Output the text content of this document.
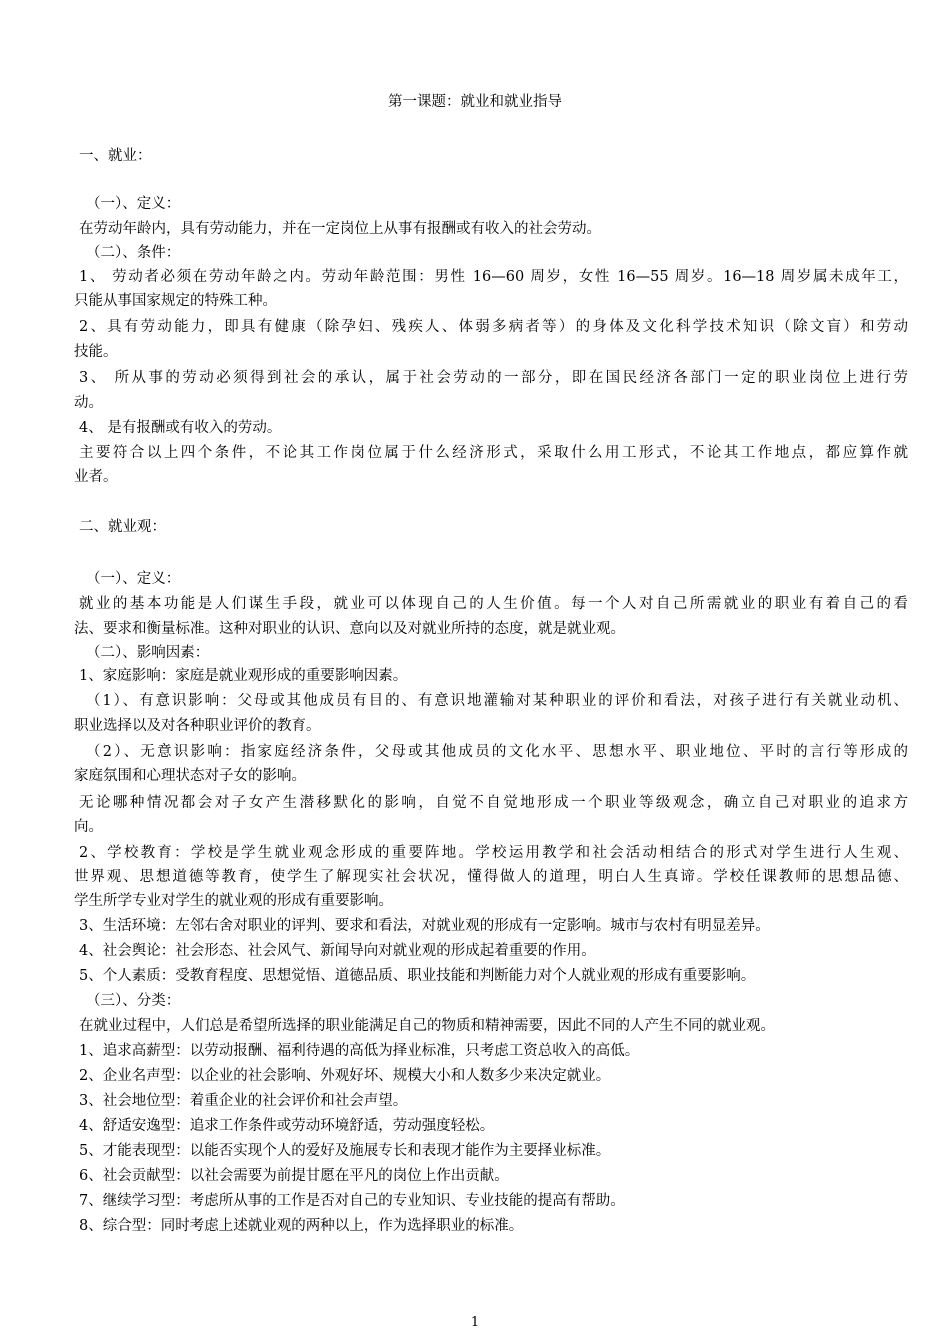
第一课题：就业和就业指导
一、就业：
（一）、定义：
在劳动年龄内，具有劳动能力，并在一定岗位上从事有报酬或有收入的社会劳动。
（二）、条件：
1、 劳动者必须在劳动年龄之内。劳动年龄范围：男性 16—60 周岁，女性 16—55 周岁。16—18 周岁属未成年工，
只能从事国家规定的特殊工种。
2、具有劳动能力，即具有健康（除孕妇、残疾人、体弱多病者等）的身体及文化科学技术知识（除文盲）和劳动
技能。
3、 所从事的劳动必须得到社会的承认，属于社会劳动的一部分，即在国民经济各部门一定的职业岗位上进行劳
动。
4、 是有报酬或有收入的劳动。
主要符合以上四个条件，不论其工作岗位属于什么经济形式，采取什么用工形式，不论其工作地点，都应算作就
业者。
二、就业观：
（一）、定义：
就业的基本功能是人们谋生手段，就业可以体现自己的人生价值。每一个人对自己所需就业的职业有着自己的看
法、要求和衡量标准。这种对职业的认识、意向以及对就业所持的态度，就是就业观。
（二）、影响因素：
1、家庭影响：家庭是就业观形成的重要影响因素。
（1）、有意识影响：父母或其他成员有目的、有意识地灌输对某种职业的评价和看法，对孩子进行有关就业动机、
职业选择以及对各种职业评价的教育。
（2）、无意识影响：指家庭经济条件，父母或其他成员的文化水平、思想水平、职业地位、平时的言行等形成的
家庭氛围和心理状态对子女的影响。
无论哪种情况都会对子女产生潜移默化的影响，自觉不自觉地形成一个职业等级观念，确立自己对职业的追求方
向。
2、学校教育：学校是学生就业观念形成的重要阵地。学校运用教学和社会活动相结合的形式对学生进行人生观、
世界观、思想道德等教育，使学生了解现实社会状况，懂得做人的道理，明白人生真谛。学校任课教师的思想品德、
学生所学专业对学生的就业观的形成有重要影响。
3、生活环境：左邻右舍对职业的评判、要求和看法，对就业观的形成有一定影响。城市与农村有明显差异。
4、社会舆论：社会形态、社会风气、新闻导向对就业观的形成起着重要的作用。
5、个人素质：受教育程度、思想觉悟、道德品质、职业技能和判断能力对个人就业观的形成有重要影响。
（三）、分类：
在就业过程中，人们总是希望所选择的职业能满足自己的物质和精神需要，因此不同的人产生不同的就业观。
1、追求高薪型：以劳动报酬、福利待遇的高低为择业标准，只考虑工资总收入的高低。
2、企业名声型：以企业的社会影响、外观好坏、规模大小和人数多少来决定就业。
3、社会地位型：着重企业的社会评价和社会声望。
4、舒适安逸型：追求工作条件或劳动环境舒适，劳动强度轻松。
5、才能表现型：以能否实现个人的爱好及施展专长和表现才能作为主要择业标准。
6、社会贡献型：以社会需要为前提甘愿在平凡的岗位上作出贡献。
7、继续学习型：考虑所从事的工作是否对自己的专业知识、专业技能的提高有帮助。
8、综合型：同时考虑上述就业观的两种以上，作为选择职业的标准。
1
